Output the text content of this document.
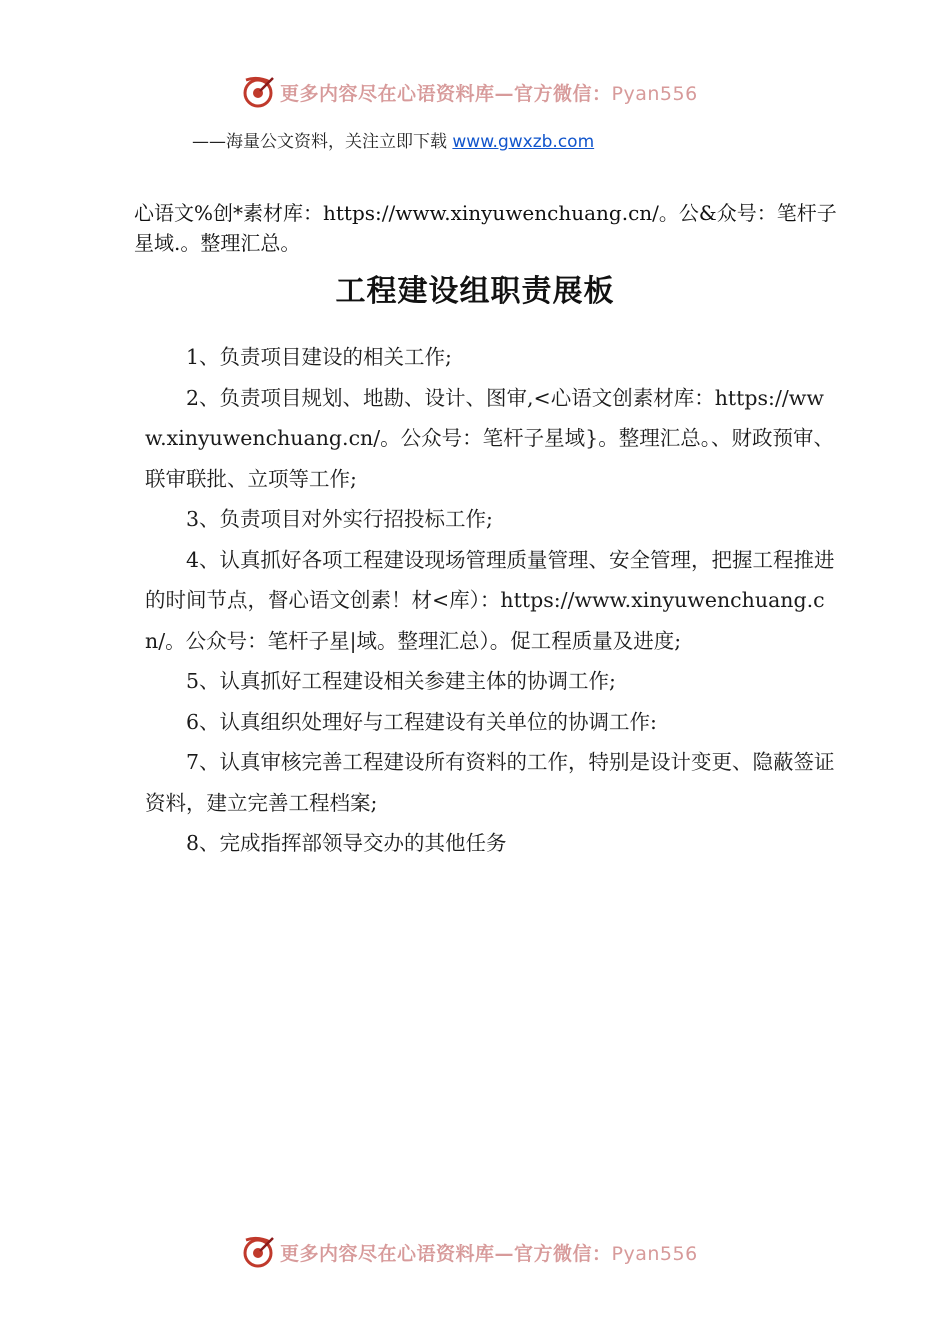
更多内容尽在心语资料库—官方微信：Pyan556
——海量公文资料，关注立即下载 www.gwxzb.com
心语文%创*素材库：https://www.xinyuwenchuang.cn/。公&众号：笔杆子星域.。整理汇总。
工程建设组职责展板

1、负责项目建设的相关工作;

2、负责项目规划、地勘、设计、图审,<心语文创素材库：https://www.xinyuwenchuang.cn/。公众号：笔杆子星域}。整理汇总。、财政预审、联审联批、立项等工作;

3、负责项目对外实行招投标工作;

4、认真抓好各项工程建设现场管理质量管理、安全管理，把握工程推进的时间节点，督心语文创素！材<库）：https://www.xinyuwenchuang.cn/。公众号：笔杆子星|域。整理汇总）。促工程质量及进度;

5、认真抓好工程建设相关参建主体的协调工作;

6、认真组织处理好与工程建设有关单位的协调工作:

7、认真审核完善工程建设所有资料的工作，特别是设计变更、隐蔽签证资料，建立完善工程档案;

8、完成指挥部领导交办的其他任务

更多内容尽在心语资料库—官方微信：Pyan556
